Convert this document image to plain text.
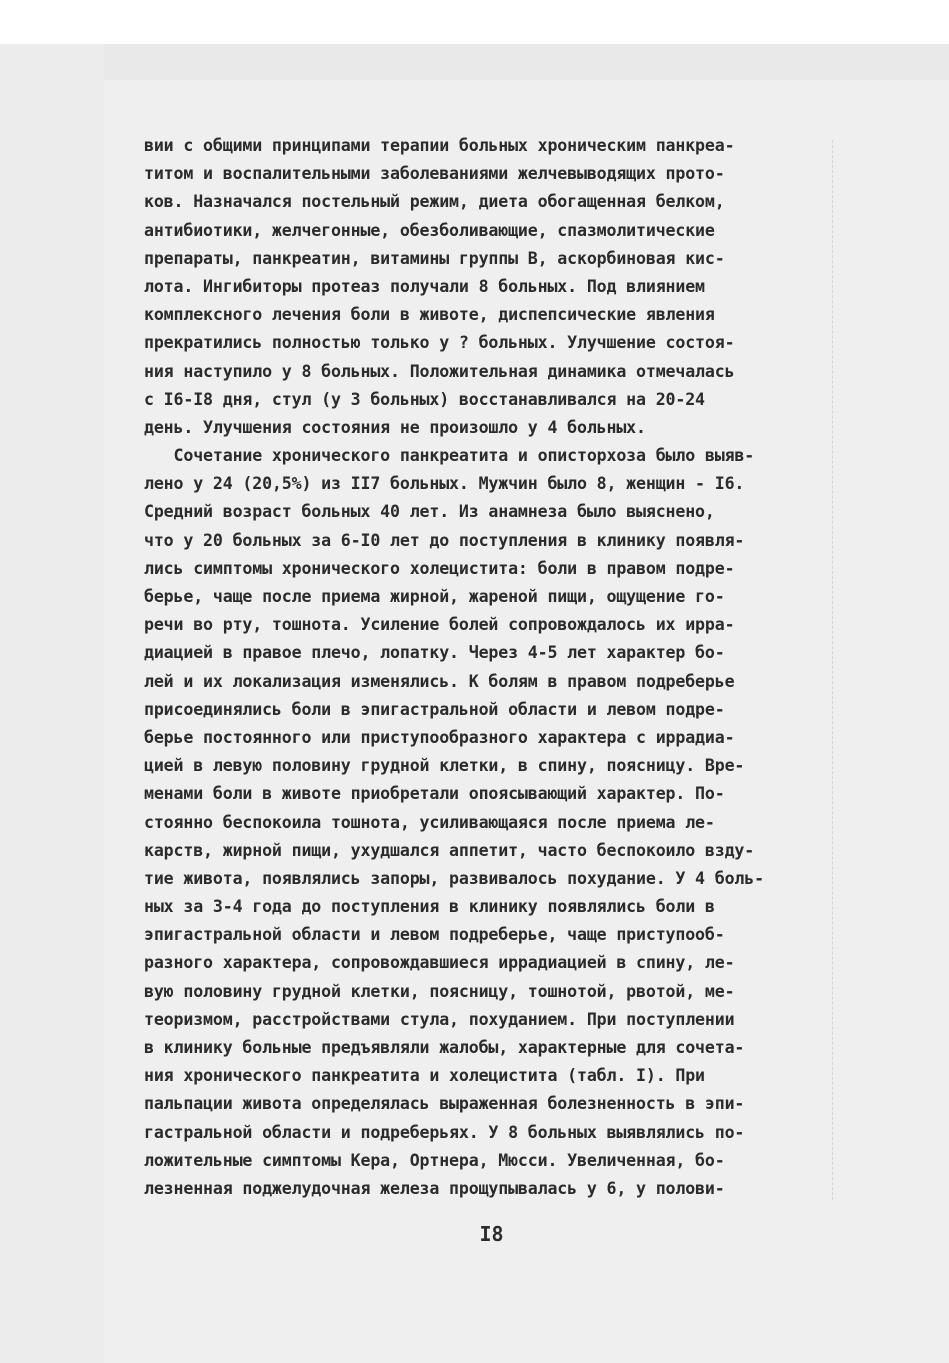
вии с общими принципами терапии больных хроническим панкреа-
титом и воспалительными заболеваниями желчевыводящих прото-
ков. Назначался постельный режим, диета обогащенная белком,
антибиотики, желчегонные, обезболивающие, спазмолитические
препараты, панкреатин, витамины группы В, аскорбиновая кис-
лота. Ингибиторы протеаз получали 8 больных. Под влиянием
комплексного лечения боли в животе, диспепсические явления
прекратились полностью только у ? больных. Улучшение состоя-
ния наступило у 8 больных. Положительная динамика отмечалась
с I6-I8 дня, стул (у 3 больных) восстанавливался на 20-24
день. Улучшения состояния не произошло у 4 больных.
Сочетание хронического панкреатита и описторхоза было выяв-
лено у 24 (20,5%) из II7 больных. Мужчин было 8, женщин - I6.
Средний возраст больных 40 лет. Из анамнеза было выяснено,
что у 20 больных за 6-I0 лет до поступления в клинику появля-
лись симптомы хронического холецистита: боли в правом подре-
берье, чаще после приема жирной, жареной пищи, ощущение го-
речи во рту, тошнота. Усиление болей сопровождалось их ирра-
диацией в правое плечо, лопатку. Через 4-5 лет характер бо-
лей и их локализация изменялись. К болям в правом подреберье
присоединялись боли в эпигастральной области и левом подре-
берье постоянного или приступообразного характера с иррадиа-
цией в левую половину грудной клетки, в спину, поясницу. Вре-
менами боли в животе приобретали опоясывающий характер. По-
стоянно беспокоила тошнота, усиливающаяся после приема ле-
карств, жирной пищи, ухудшался аппетит, часто беспокоило взду-
тие живота, появлялись запоры, развивалось похудание. У 4 боль-
ных за 3-4 года до поступления в клинику появлялись боли в
эпигастральной области и левом подреберье, чаще приступооб-
разного характера, сопровождавшиеся иррадиацией в спину, ле-
вую половину грудной клетки, поясницу, тошнотой, рвотой, ме-
теоризмом, расстройствами стула, похуданием. При поступлении
в клинику больные предъявляли жалобы, характерные для сочета-
ния хронического панкреатита и холецистита (табл. I). При
пальпации живота определялась выраженная болезненность в эпи-
гастральной области и подреберьях. У 8 больных выявлялись по-
ложительные симптомы Кера, Ортнера, Мюсси. Увеличенная, бо-
лезненная поджелудочная железа прощупывалась у 6, у полови-
I8
